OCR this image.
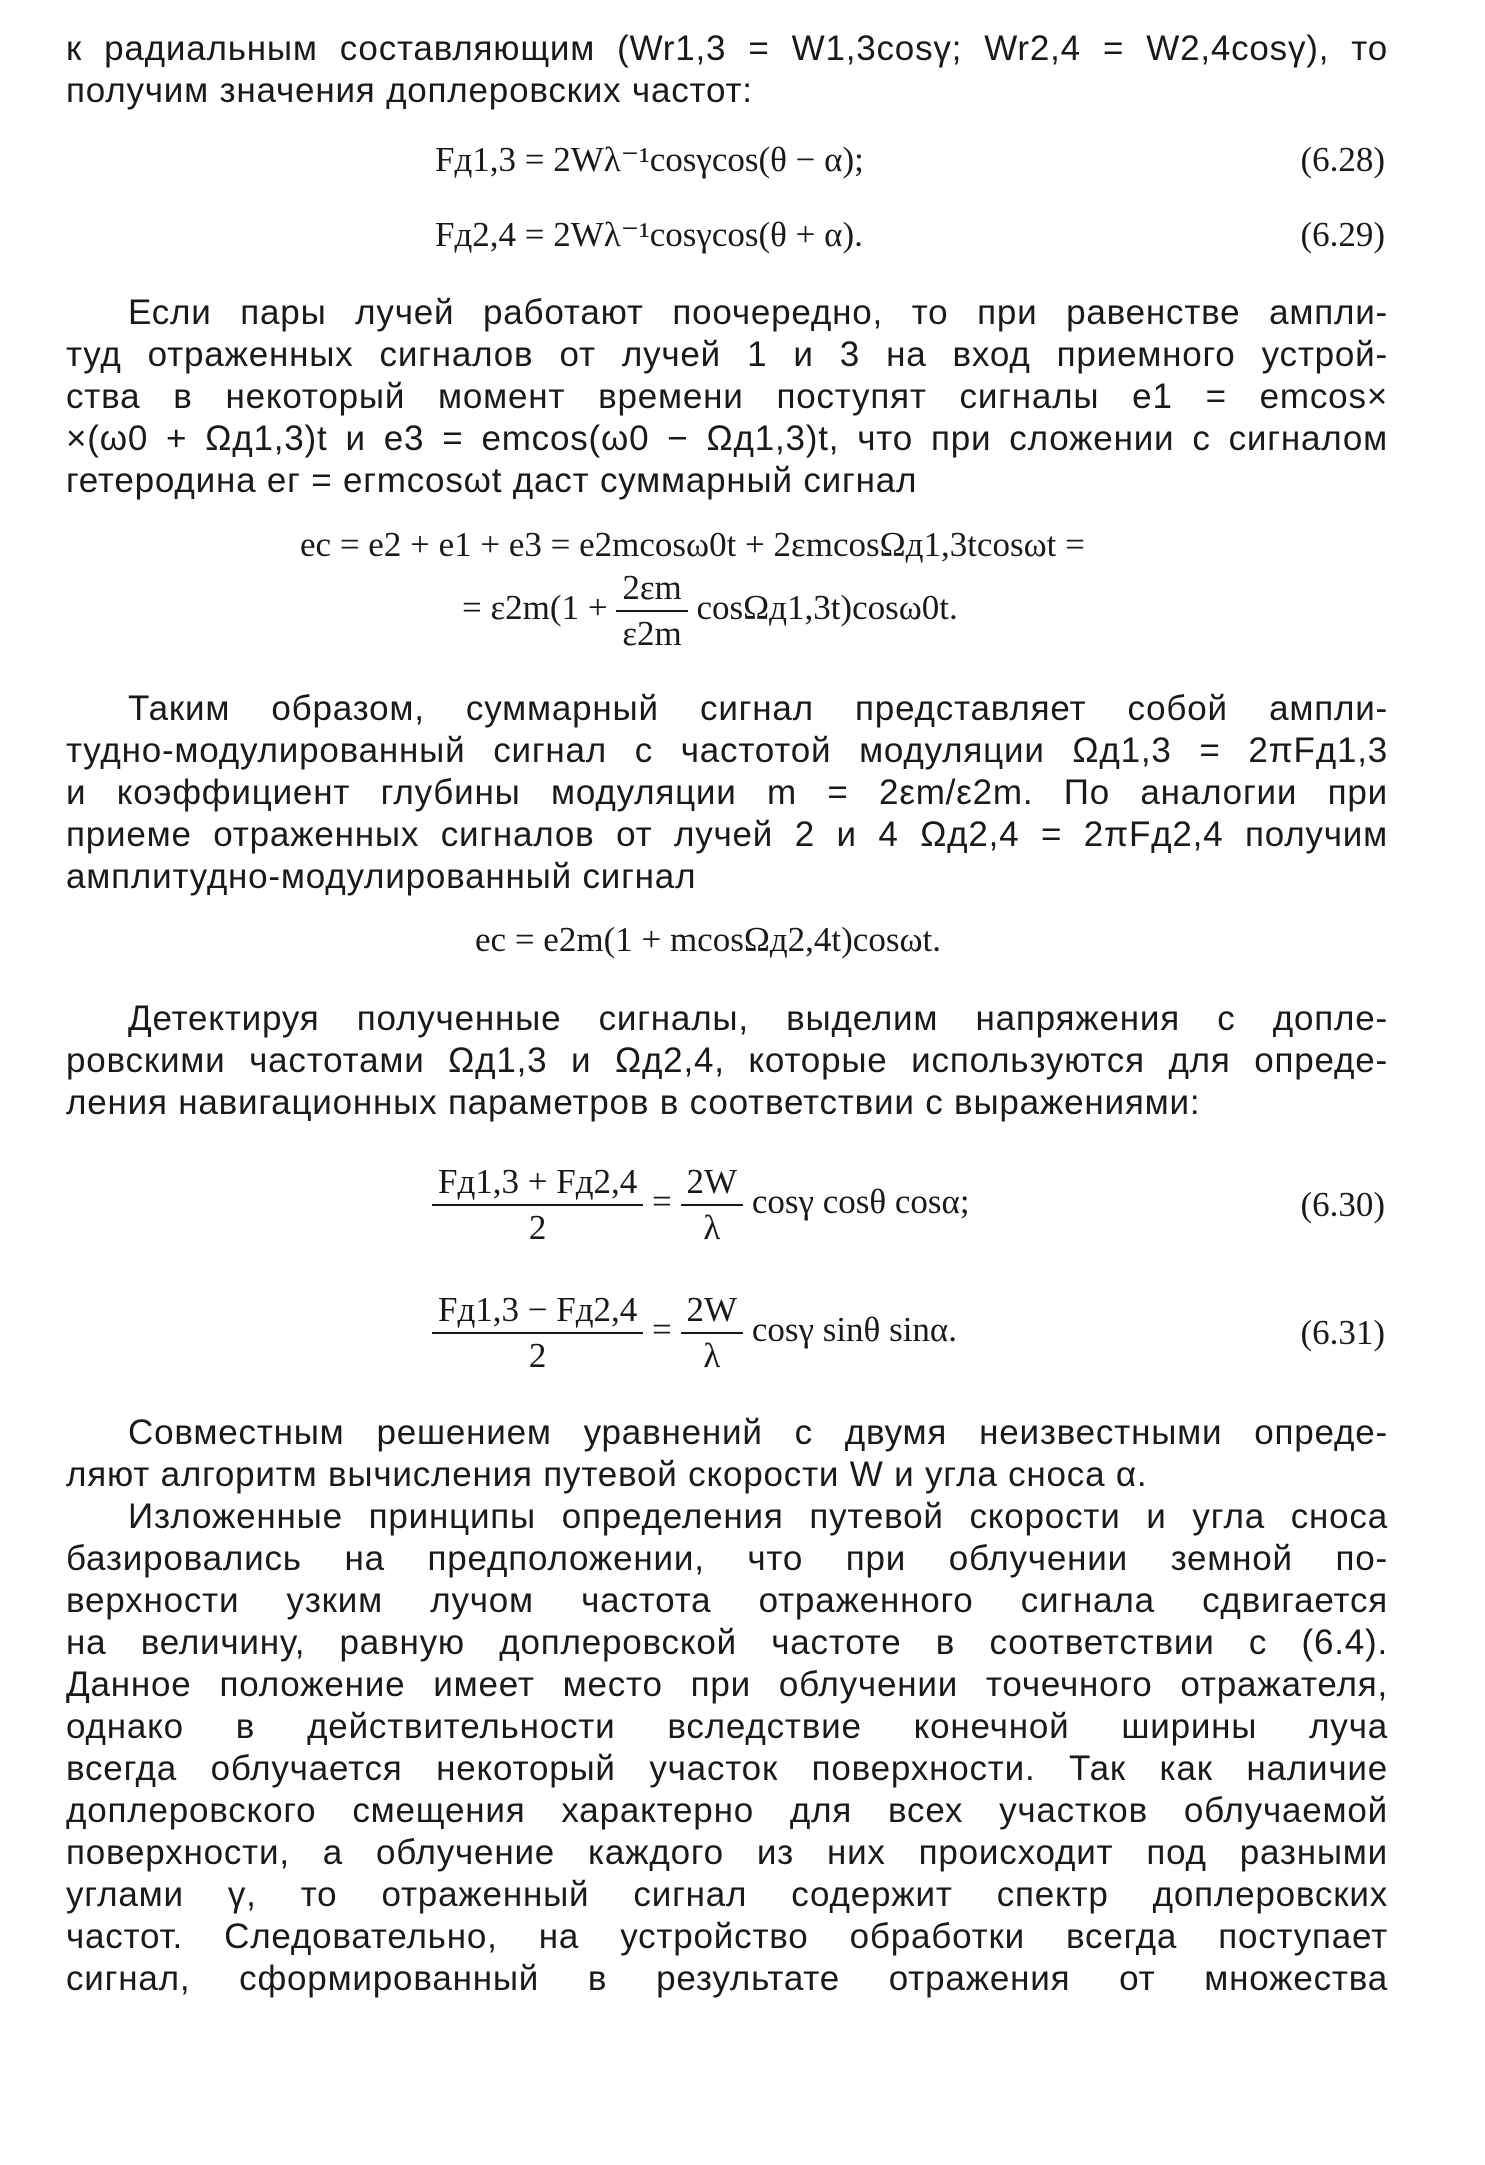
к радиальным составляющим (Wr1,3 = W1,3cosγ; Wr2,4 = W2,4cosγ), то
получим значения доплеровских частот:
Fд1,3 = 2Wλ⁻¹cosγcos(θ − α);	(6.28)
Fд2,4 = 2Wλ⁻¹cosγcos(θ + α).	(6.29)
Если пары лучей работают поочередно, то при равенстве ампли-
туд отраженных сигналов от лучей 1 и 3 на вход приемного устрой-
ства в некоторый момент времени поступят сигналы e1 = emcos×
×(ω0 + Ωд1,3)t и e3 = emcos(ω0 − Ωд1,3)t, что при сложении с сигналом
гетеродина eг = eгmcosωt даст суммарный сигнал
eс = e2 + e1 + e3 = e2mcosω0t + 2εmcosΩд1,3tcosωt =
= $\varepsilon 2m(1 + \frac{2\varepsilon m}{\varepsilon 2m} \cos\Omega д1,3t)\cos\omega 0t$.
Таким образом, суммарный сигнал представляет собой ампли-
тудно-модулированный сигнал с частотой модуляции Ωд1,3 = 2πFд1,3
и коэффициент глубины модуляции m = 2εm/ε2m. По аналогии при
приеме отраженных сигналов от лучей 2 и 4 Ωд2,4 = 2πFд2,4 получим
амплитудно-модулированный сигнал
eс = e2m(1 + mcosΩд2,4t)cosωt.
Детектируя полученные сигналы, выделим напряжения с допле-
ровскими частотами Ωд1,3 и Ωд2,4, которые используются для опреде-
ления навигационных параметров в соответствии с выражениями:
$\frac{Fд1,3 + Fд2,4}{2} = \frac{2W}{\lambda}$ cosγ cosθ cosα;	(6.30)
$\frac{Fд1,3 - Fд2,4}{2} = \frac{2W}{\lambda}$ cosγ sinθ sinα.	(6.31)
Совместным решением уравнений с двумя неизвестными опреде-
ляют алгоритм вычисления путевой скорости W и угла сноса α.
Изложенные принципы определения путевой скорости и угла сноса
базировались на предположении, что при облучении земной по-
верхности узким лучом частота отраженного сигнала сдвигается
на величину, равную доплеровской частоте в соответствии с (6.4).
Данное положение имеет место при облучении точечного отражателя,
однако в действительности вследствие конечной ширины луча
всегда облучается некоторый участок поверхности. Так как наличие
доплеровского смещения характерно для всех участков облучаемой
поверхности, а облучение каждого из них происходит под разными
углами γ, то отраженный сигнал содержит спектр доплеровских
частот. Следовательно, на устройство обработки всегда поступает
сигнал, сформированный в результате отражения от множества
